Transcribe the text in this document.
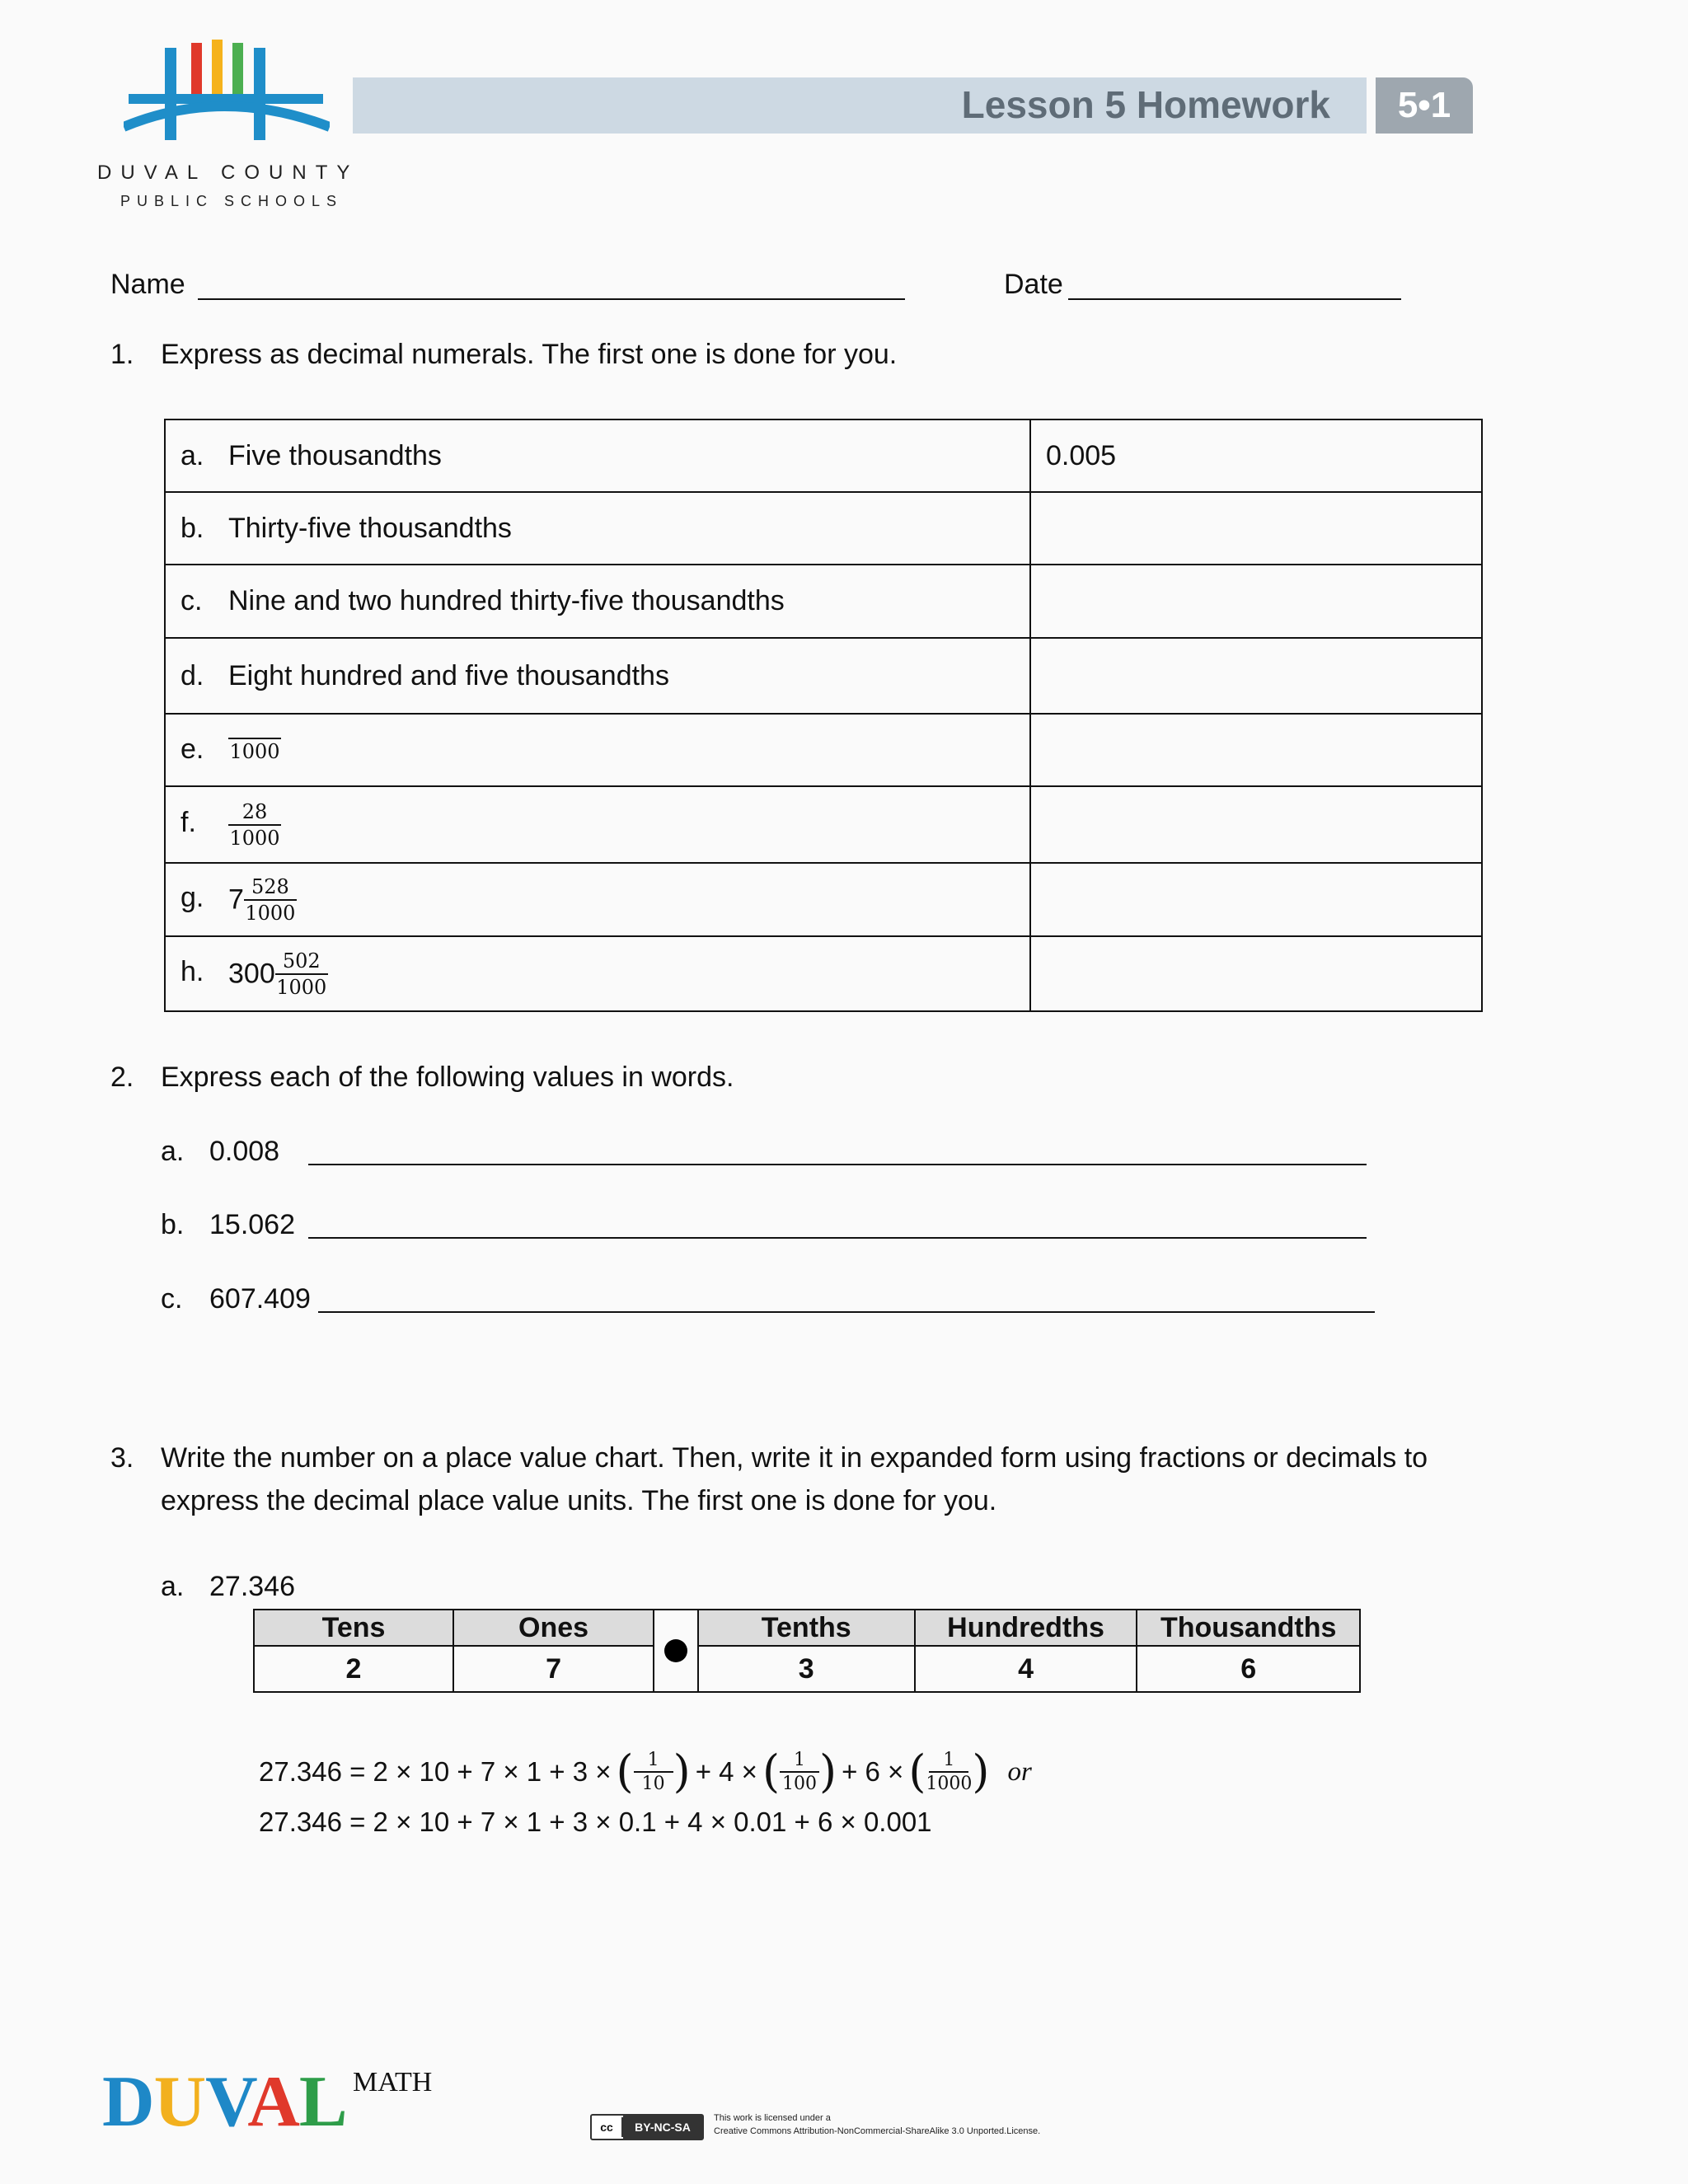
DUVAL COUNTY
PUBLIC SCHOOLS
Lesson 5 Homework	5•1
Name	Date
1. Express as decimal numerals. The first one is done for you.
a. Five thousandths	0.005
b. Thirty-five thousandths	
c. Nine and two hundred thirty-five thousandths	
d. Eight hundred and five thousandths	
e. 1000	

f. $\frac{28}{1000}$

g. $7 \frac{528}{1000}$

h. $300 \frac{502}{1000}$

2. Express each of the following values in words.
a. 0.008
b. 15.062
c. 607.409
3. Write the number on a place value chart. Then, write it in expanded form using fractions or decimals to
express the decimal place value units. The first one is done for you.
a. 27.346
Tens	Ones		Tenths	Hundredths	Thousandths
2	7		3	4	6
27.346 = 2 × 10 + 7 × 1 + 3 × ( $\frac{1}{10}$ ) + 4 × ( $\frac{1}{100}$ ) + 6 × ( $\frac{1}{1000}$ ) or
27.346 = 2 × 10 + 7 × 1 + 3 × 0.1 + 4 × 0.01 + 6 × 0.001
DUVAL MATH
cc	BY-NC-SA
This work is licensed under a
Creative Commons Attribution-NonCommercial-ShareAlike 3.0 Unported.License.
